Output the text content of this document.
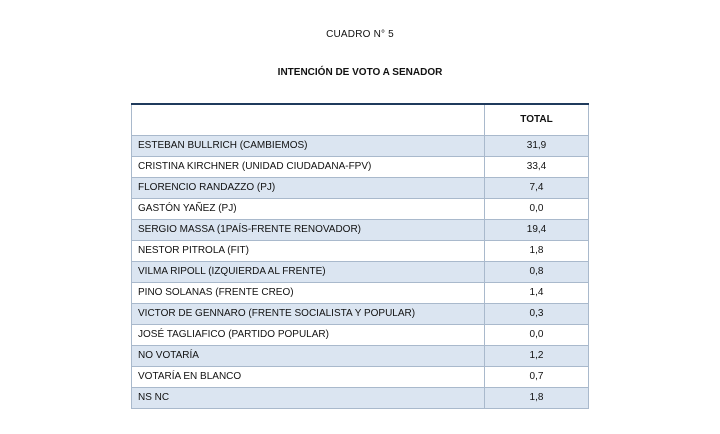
CUADRO N° 5
INTENCIÓN DE VOTO A SENADOR
	TOTAL
ESTEBAN BULLRICH (CAMBIEMOS)	31,9
CRISTINA KIRCHNER (UNIDAD CIUDADANA-FPV)	33,4
FLORENCIO RANDAZZO (PJ)	7,4
GASTÓN YAÑEZ (PJ)	0,0
SERGIO MASSA (1PAÍS-FRENTE RENOVADOR)	19,4
NESTOR PITROLA (FIT)	1,8
VILMA RIPOLL (IZQUIERDA AL FRENTE)	0,8
PINO SOLANAS (FRENTE CREO)	1,4
VICTOR DE GENNARO (FRENTE SOCIALISTA Y POPULAR)	0,3
JOSÉ TAGLIAFICO (PARTIDO POPULAR)	0,0
NO VOTARÍA	1,2
VOTARÍA EN BLANCO	0,7
NS NC	1,8
